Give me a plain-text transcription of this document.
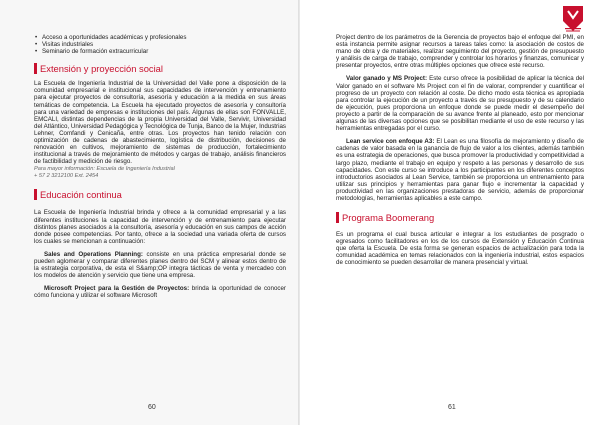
• Acceso a oportunidades académicas y profesionales
• Visitas industriales
• Seminario de formación extracurricular
Extensión y proyección social

La Escuela de Ingeniería Industrial de la Universidad del Valle pone a disposición de la comunidad empresarial e institucional sus capacidades de intervención y entrenamiento para ejecutar proyectos de consultoría, asesoría y educación a la medida en sus áreas temáticas de competencia. La Escuela ha ejecutado proyectos de asesoría y consultoría para una variedad de empresas e instituciones del país. Algunas de ellas son FONVALLE, EMCALI, distintas dependencias de la propia Universidad del Valle, Servivir, Universidad del Atlántico, Universidad Pedagógica y Tecnológica de Tunja, Banco de la Mujer, Industrias Lehner, Comfandi y Cenicaña, entre otras. Los proyectos han tenido relación con optimización de cadenas de abastecimiento, logística de distribución, decisiones de renovación en cultivos, mejoramiento de sistemas de producción, fortalecimiento institucional a través de mejoramiento de métodos y cargas de trabajo, análisis financieros de factibilidad y medición de riesgo.

Para mayor información: Escuela de Ingeniería Industrial
+ 57 2 3212100 Ext. 2454
Educación continua

La Escuela de Ingeniería Industrial brinda y ofrece a la comunidad empresarial y a las diferentes instituciones la capacidad de intervención y de entrenamiento para ejecutar distintos planes asociados a la consultoría, asesoría y educación en sus campos de acción donde posee competencias. Por tanto, ofrece a la sociedad una variada oferta de cursos los cuales se mencionan a continuación:

Sales and Operations Planning: consiste en una práctica empresarial donde se pueden aglomerar y comparar diferentes planes dentro del SCM y alinear estos dentro de la estrategia corporativa, de esta el S&amp;OP integra tácticas de venta y mercadeo con los modelos de atención y servicio que tiene una empresa.

Microsoft Project para la Gestión de Proyectos: brinda la oportunidad de conocer cómo funciona y utilizar el software Microsoft

60

Project dentro de los parámetros de la Gerencia de proyectos bajo el enfoque del PMI, en esta instancia permite asignar recursos a tareas tales como: la asociación de costos de mano de obra y de materiales, realizar seguimiento del proyecto, gestión de presupuesto y análisis de carga de trabajo, comprender y controlar los horarios y finanzas, comunicar y presentar proyectos, entre otras múltiples opciones que ofrece este recurso.

Valor ganado y MS Project: Este curso ofrece la posibilidad de aplicar la técnica del Valor ganado en el software Ms Project con el fin de valorar, comprender y cuantificar el progreso de un proyecto con relación al coste. De dicho modo esta técnica es apropiada para controlar la ejecución de un proyecto a través de su presupuesto y de su calendario de ejecución, pues proporciona un enfoque donde se puede medir el desempeño del proyecto a partir de la comparación de su avance frente al planeado, esto por mencionar algunas de las diversas opciones que se posibilitan mediante el uso de este recurso y las herramientas entregadas por el curso.

Lean service con enfoque A3: El Lean es una filosofía de mejoramiento y diseño de cadenas de valor basada en la ganancia de flujo de valor a los clientes, además también es una estrategia de operaciones, que busca promover la productividad y competitividad a largo plazo, mediante el trabajo en equipo y respeto a las personas y desarrollo de sus capacidades. Con este curso se introduce a los participantes en los diferentes conceptos introductorios asociados al Lean Service, también se proporciona un entrenamiento para utilizar sus principios y herramientas para ganar flujo e incrementar la capacidad y productividad en las organizaciones prestadoras de servicio, además de proporcionar metodologías, herramientas aplicables a este campo.

Programa Boomerang

Es un programa el cual busca articular e integrar a los estudiantes de posgrado o egresados como facilitadores en los de los cursos de Extensión y Educación Continua que oferta la Escuela. De esta forma se generan espacios de actualización para toda la comunidad académica en temas relacionados con la ingeniería industrial, estos espacios de conocimiento se pueden desarrollar de manera presencial y virtual.

61
